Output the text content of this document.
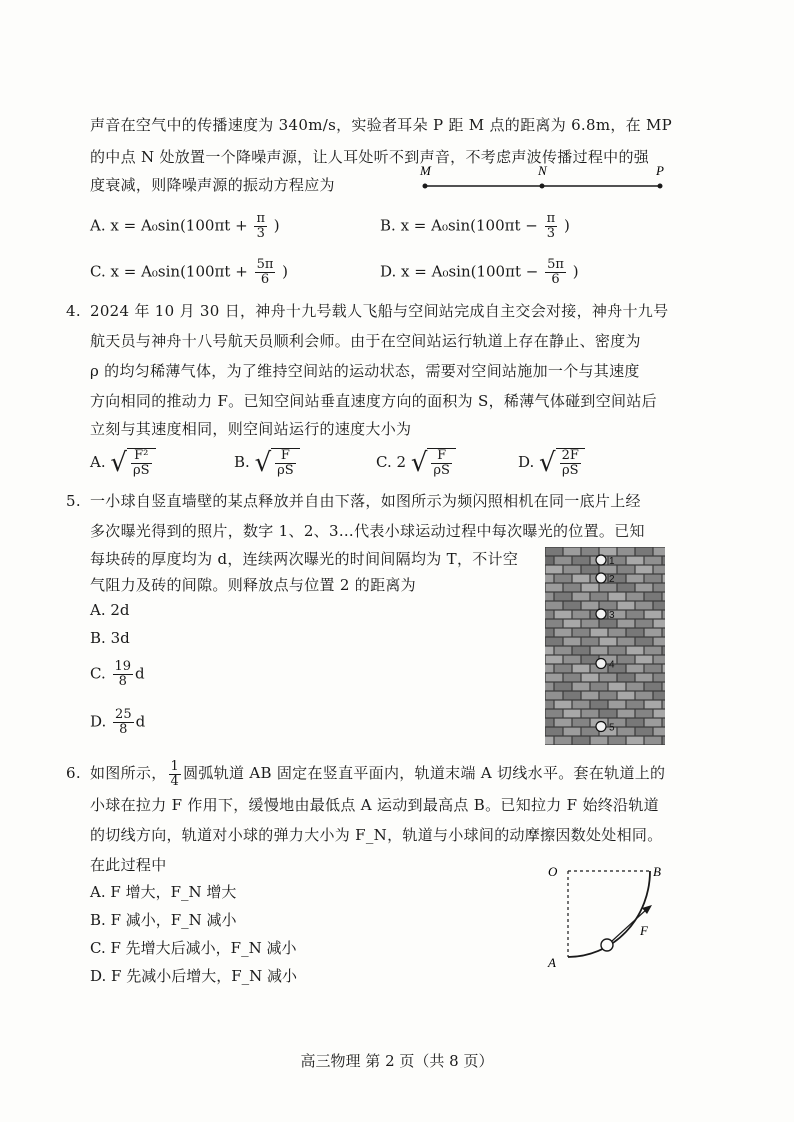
声音在空气中的传播速度为 340m/s，实验者耳朵 P 距 M 点的距离为 6.8m，在 MP

的中点 N 处放置一个降噪声源，让人耳处听不到声音，不考虑声波传播过程中的强

度衰减，则降噪声源的振动方程应为

M	N	P
A. $x = A_0\sin(100\pi t + \frac{\pi}{3}$ )	B. $x = A_0\sin(100\pi t - \frac{\pi}{3}$ )
C. $x = A_0\sin(100\pi t + \frac{5\pi}{6}$ )	D. $x = A_0\sin(100\pi t - \frac{5\pi}{6}$ )

4. 2024 年 10 月 30 日，神舟十九号载人飞船与空间站完成自主交会对接，神舟十九号

航天员与神舟十八号航天员顺利会师。由于在空间站运行轨道上存在静止、密度为

ρ 的均匀稀薄气体，为了维持空间站的运动状态，需要对空间站施加一个与其速度

方向相同的推动力 F。已知空间站垂直速度方向的面积为 S，稀薄气体碰到空间站后

立刻与其速度相同，则空间站运行的速度大小为

A. √ $\frac{\text{F²}}{\rho S}$	B. √ $\frac{F}{\rho S}$	C. 2 √ $\frac{F}{\rho S}$	D. √ $\frac{2F}{\rho S}$

5. 一小球自竖直墙壁的某点释放并自由下落，如图所示为频闪照相机在同一底片上经

多次曝光得到的照片，数字 1、2、3…代表小球运动过程中每次曝光的位置。已知

每块砖的厚度均为 d，连续两次曝光的时间间隔均为 T，不计空

气阻力及砖的间隙。则释放点与位置 2 的距离为

A. 2d
B. 3d
C. $\frac{19}{8}$ d
D. $\frac{25}{8}$ d
1
2
3
4
5

6. 如图所示， $\frac{1}{4}$ 圆弧轨道 AB 固定在竖直平面内，轨道末端 A 切线水平。套在轨道上的

小球在拉力 F 作用下，缓慢地由最低点 A 运动到最高点 B。已知拉力 F 始终沿轨道

的切线方向，轨道对小球的弹力大小为 F_N，轨道与小球间的动摩擦因数处处相同。

在此过程中

A. F 增大，F_N 增大
B. F 减小，F_N 减小
C. F 先增大后减小，F_N 减小
D. F 先减小后增大，F_N 减小
O	B
A
F
高三物理 第 2 页（共 8 页）
